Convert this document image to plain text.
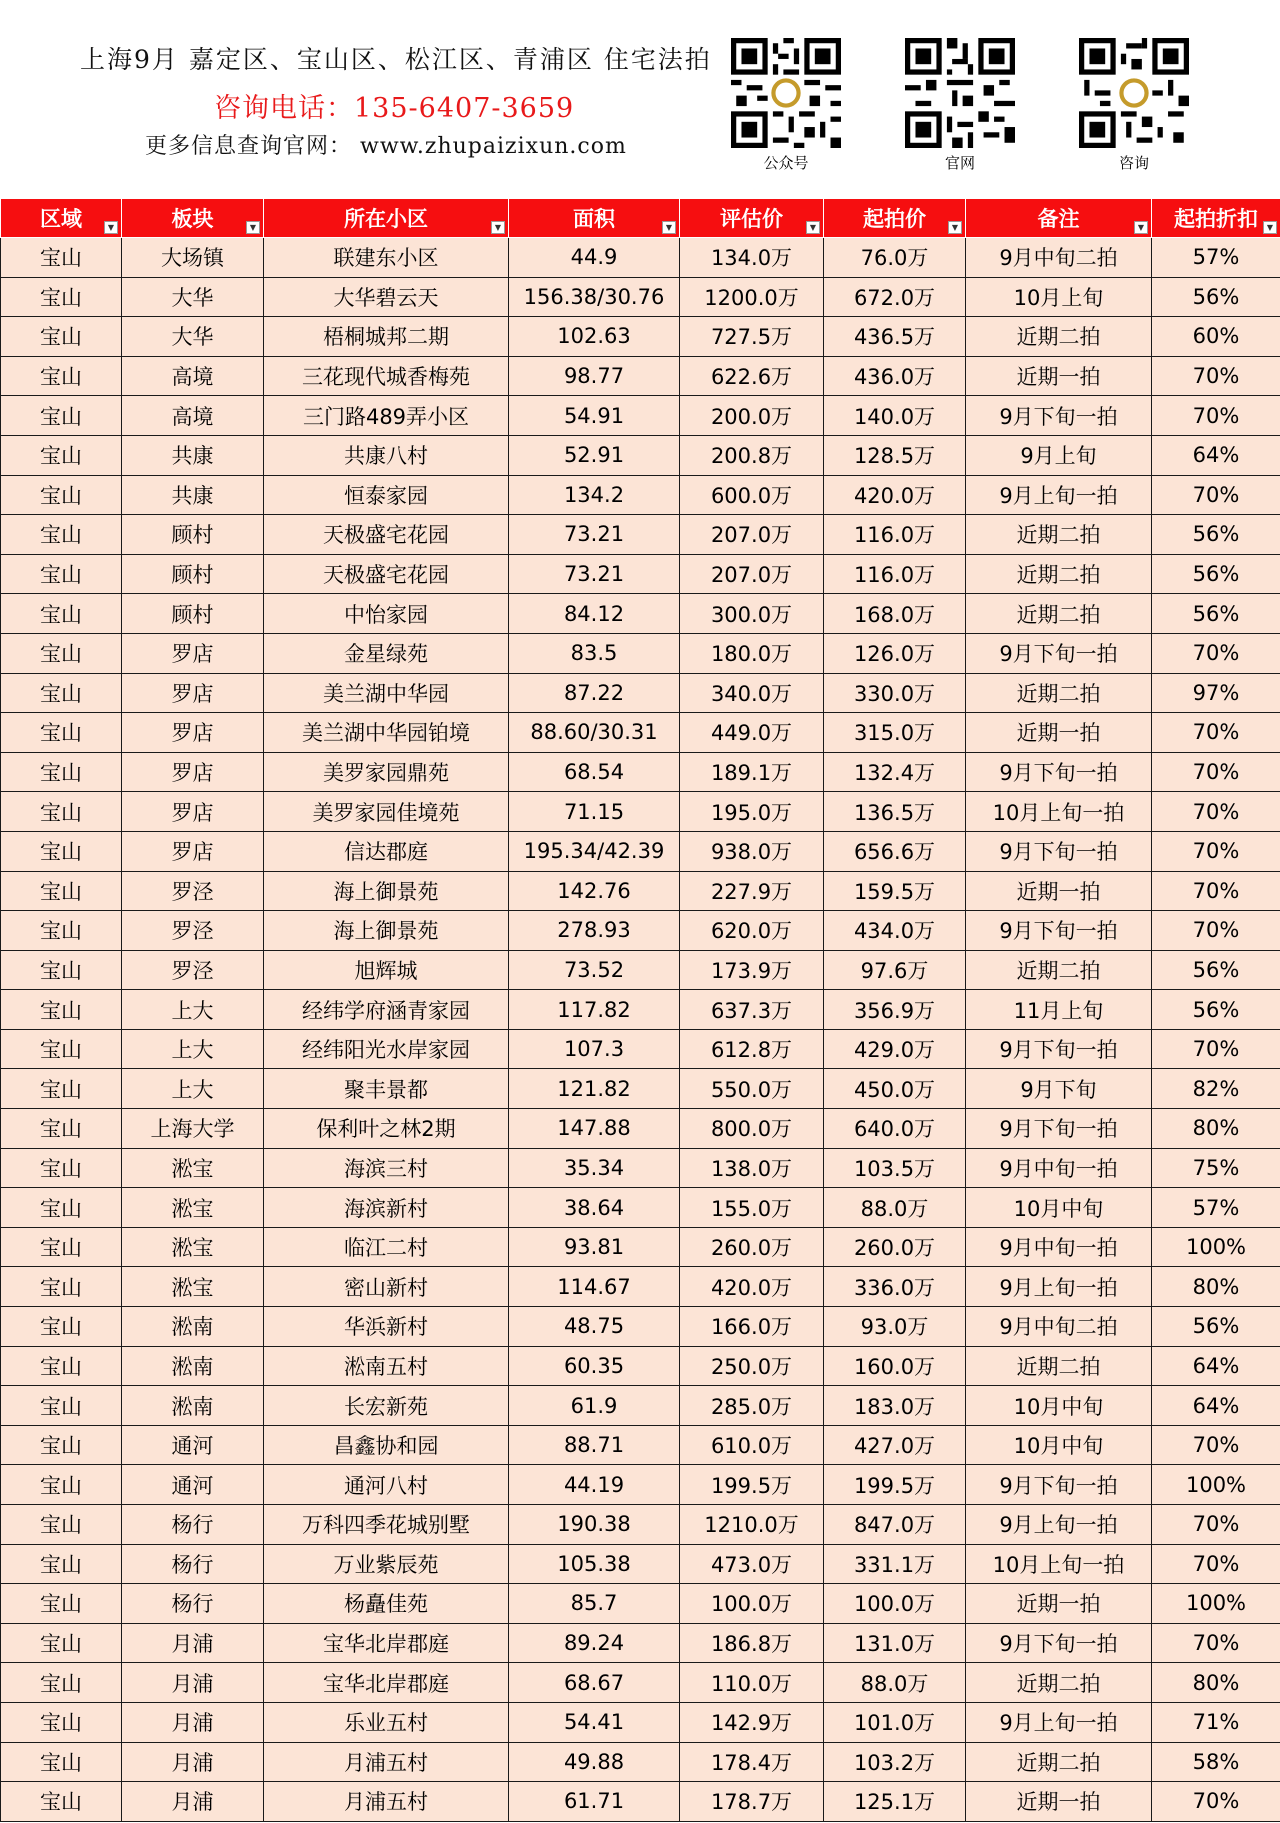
上海9月 嘉定区、宝山区、松江区、青浦区 住宅法拍
咨询电话：135-6407-3659
更多信息查询官网： www.zhupaizixun.com
公众号	官网	咨询
区域 ▼	板块 ▼	所在小区 ▼	面积 ▼	评估价 ▼	起拍价 ▼	备注 ▼	起拍折扣 ▼

宝山	大场镇	联建东小区	44.9	134.0万	76.0万	9月中旬二拍	57%
宝山	大华	大华碧云天	156.38/30.76	1200.0万	672.0万	10月上旬	56%
宝山	大华	梧桐城邦二期	102.63	727.5万	436.5万	近期二拍	60%
宝山	高境	三花现代城香梅苑	98.77	622.6万	436.0万	近期一拍	70%
宝山	高境	三门路489弄小区	54.91	200.0万	140.0万	9月下旬一拍	70%
宝山	共康	共康八村	52.91	200.8万	128.5万	9月上旬	64%
宝山	共康	恒泰家园	134.2	600.0万	420.0万	9月上旬一拍	70%
宝山	顾村	天极盛宅花园	73.21	207.0万	116.0万	近期二拍	56%
宝山	顾村	天极盛宅花园	73.21	207.0万	116.0万	近期二拍	56%
宝山	顾村	中怡家园	84.12	300.0万	168.0万	近期二拍	56%
宝山	罗店	金星绿苑	83.5	180.0万	126.0万	9月下旬一拍	70%
宝山	罗店	美兰湖中华园	87.22	340.0万	330.0万	近期二拍	97%
宝山	罗店	美兰湖中华园铂境	88.60/30.31	449.0万	315.0万	近期一拍	70%
宝山	罗店	美罗家园鼎苑	68.54	189.1万	132.4万	9月下旬一拍	70%
宝山	罗店	美罗家园佳境苑	71.15	195.0万	136.5万	10月上旬一拍	70%
宝山	罗店	信达郡庭	195.34/42.39	938.0万	656.6万	9月下旬一拍	70%
宝山	罗泾	海上御景苑	142.76	227.9万	159.5万	近期一拍	70%
宝山	罗泾	海上御景苑	278.93	620.0万	434.0万	9月下旬一拍	70%
宝山	罗泾	旭辉城	73.52	173.9万	97.6万	近期二拍	56%
宝山	上大	经纬学府涵青家园	117.82	637.3万	356.9万	11月上旬	56%
宝山	上大	经纬阳光水岸家园	107.3	612.8万	429.0万	9月下旬一拍	70%
宝山	上大	聚丰景都	121.82	550.0万	450.0万	9月下旬	82%
宝山	上海大学	保利叶之林2期	147.88	800.0万	640.0万	9月下旬一拍	80%
宝山	淞宝	海滨三村	35.34	138.0万	103.5万	9月中旬一拍	75%
宝山	淞宝	海滨新村	38.64	155.0万	88.0万	10月中旬	57%
宝山	淞宝	临江二村	93.81	260.0万	260.0万	9月中旬一拍	100%
宝山	淞宝	密山新村	114.67	420.0万	336.0万	9月上旬一拍	80%
宝山	淞南	华浜新村	48.75	166.0万	93.0万	9月中旬二拍	56%
宝山	淞南	淞南五村	60.35	250.0万	160.0万	近期二拍	64%
宝山	淞南	长宏新苑	61.9	285.0万	183.0万	10月中旬	64%
宝山	通河	昌鑫协和园	88.71	610.0万	427.0万	10月中旬	70%
宝山	通河	通河八村	44.19	199.5万	199.5万	9月下旬一拍	100%
宝山	杨行	万科四季花城别墅	190.38	1210.0万	847.0万	9月上旬一拍	70%
宝山	杨行	万业紫辰苑	105.38	473.0万	331.1万	10月上旬一拍	70%
宝山	杨行	杨矗佳苑	85.7	100.0万	100.0万	近期一拍	100%
宝山	月浦	宝华北岸郡庭	89.24	186.8万	131.0万	9月下旬一拍	70%
宝山	月浦	宝华北岸郡庭	68.67	110.0万	88.0万	近期二拍	80%
宝山	月浦	乐业五村	54.41	142.9万	101.0万	9月上旬一拍	71%
宝山	月浦	月浦五村	49.88	178.4万	103.2万	近期二拍	58%
宝山	月浦	月浦五村	61.71	178.7万	125.1万	近期一拍	70%
